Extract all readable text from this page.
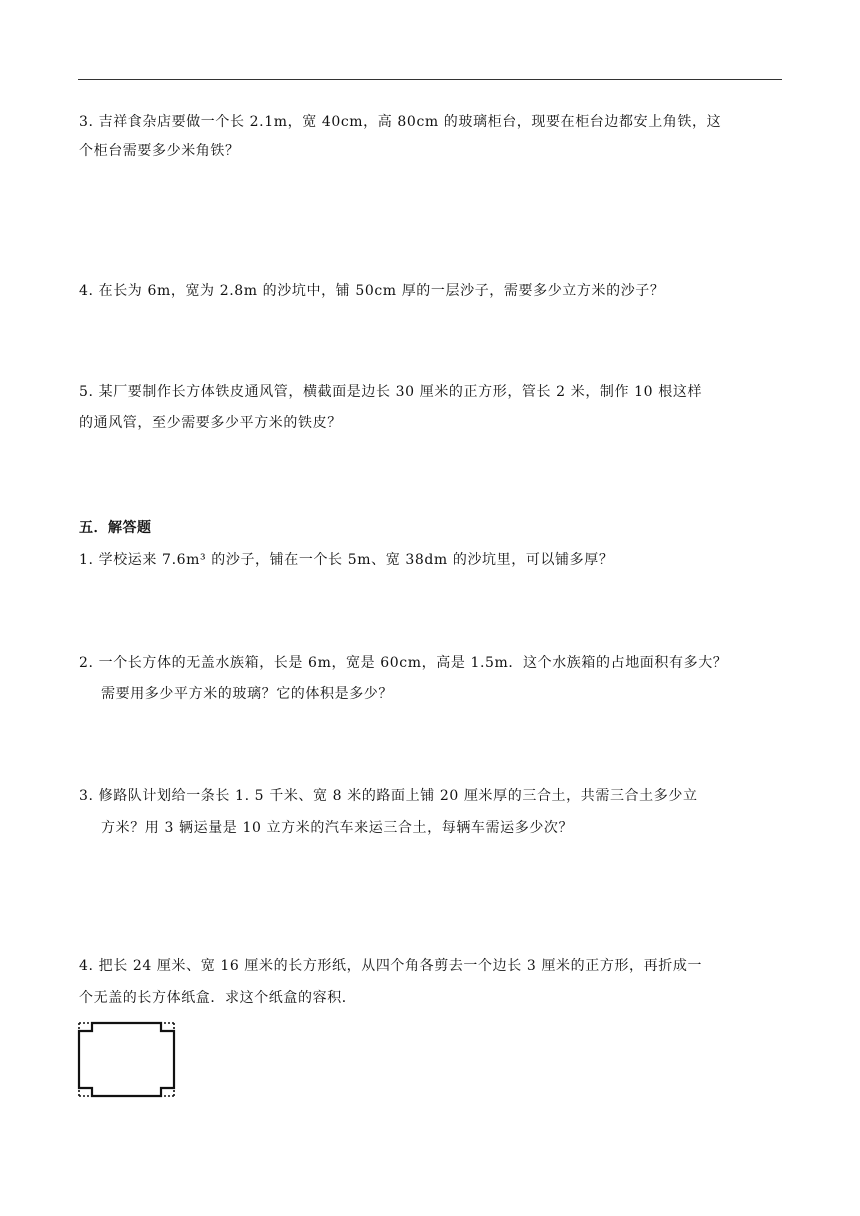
3. 吉祥食杂店要做一个长 2.1m，宽 40cm，高 80cm 的玻璃柜台，现要在柜台边都安上角铁，这
个柜台需要多少米角铁？
4. 在长为 6m，宽为 2.8m 的沙坑中，铺 50cm 厚的一层沙子，需要多少立方米的沙子？
5. 某厂要制作长方体铁皮通风管，横截面是边长 30 厘米的正方形，管长 2 米，制作 10 根这样
的通风管，至少需要多少平方米的铁皮？
五．解答题
1. 学校运来 7.6m³ 的沙子，铺在一个长 5m、宽 38dm 的沙坑里，可以铺多厚？
2. 一个长方体的无盖水族箱，长是 6m，宽是 60cm，高是 1.5m．这个水族箱的占地面积有多大？
需要用多少平方米的玻璃？它的体积是多少？
3. 修路队计划给一条长 1. 5 千米、宽 8 米的路面上铺 20 厘米厚的三合土，共需三合土多少立
方米？用 3 辆运量是 10 立方米的汽车来运三合土，每辆车需运多少次？
4. 把长 24 厘米、宽 16 厘米的长方形纸，从四个角各剪去一个边长 3 厘米的正方形，再折成一
个无盖的长方体纸盒．求这个纸盒的容积．
